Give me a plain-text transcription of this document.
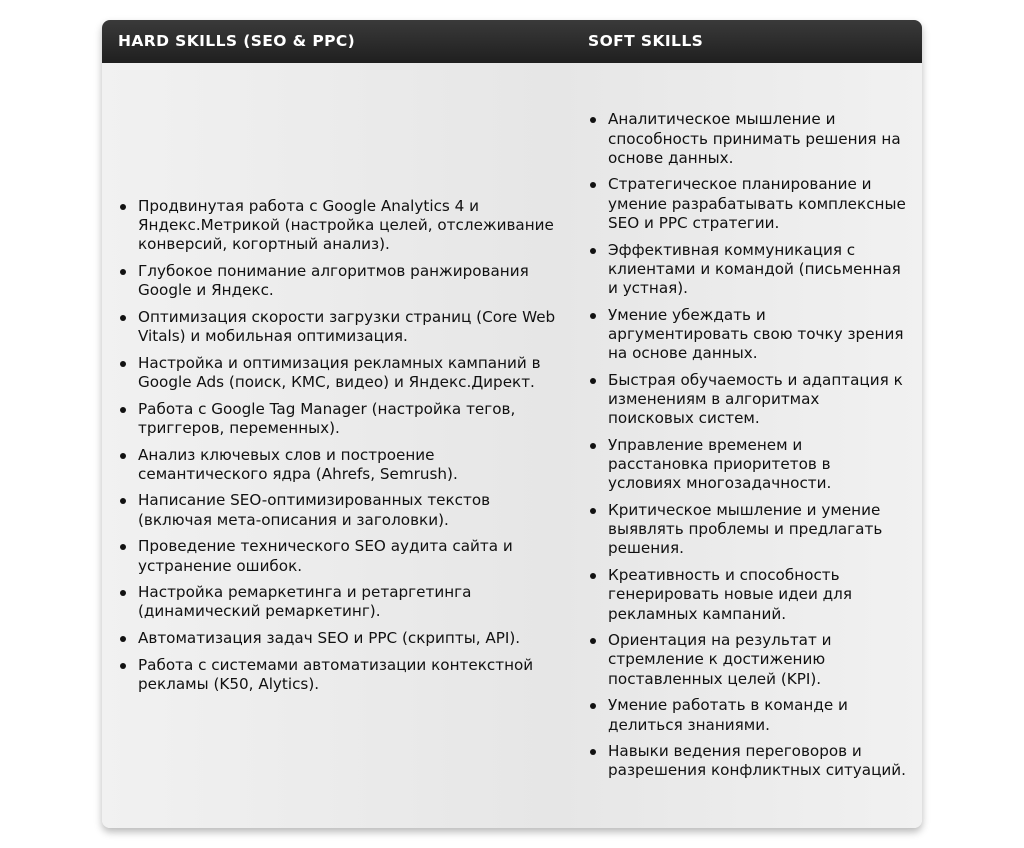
HARD SKILLS (SEO & PPC)	SOFT SKILLS
Продвинутая работа с Google Analytics 4 и Яндекс.Метрикой (настройка целей, отслеживание конверсий, когортный анализ).
Глубокое понимание алгоритмов ранжирования Google и Яндекс.
Оптимизация скорости загрузки страниц (Core Web Vitals) и мобильная оптимизация.
Настройка и оптимизация рекламных кампаний в Google Ads (поиск, КМС, видео) и Яндекс.Директ.
Работа с Google Tag Manager (настройка тегов, триггеров, переменных).
Анализ ключевых слов и построение семантического ядра (Ahrefs, Semrush).
Написание SEO-оптимизированных текстов (включая мета-описания и заголовки).
Проведение технического SEO аудита сайта и устранение ошибок.
Настройка ремаркетинга и ретаргетинга (динамический ремаркетинг).
Автоматизация задач SEO и PPC (скрипты, API).
Работа с системами автоматизации контекстной рекламы (K50, Alytics).
Аналитическое мышление и способность принимать решения на основе данных.
Стратегическое планирование и умение разрабатывать комплексные SEO и PPC стратегии.
Эффективная коммуникация с клиентами и командой (письменная и устная).
Умение убеждать и аргументировать свою точку зрения на основе данных.
Быстрая обучаемость и адаптация к изменениям в алгоритмах поисковых систем.
Управление временем и расстановка приоритетов в условиях многозадачности.
Критическое мышление и умение выявлять проблемы и предлагать решения.
Креативность и способность генерировать новые идеи для рекламных кампаний.
Ориентация на результат и стремление к достижению поставленных целей (KPI).
Умение работать в команде и делиться знаниями.
Навыки ведения переговоров и разрешения конфликтных ситуаций.
